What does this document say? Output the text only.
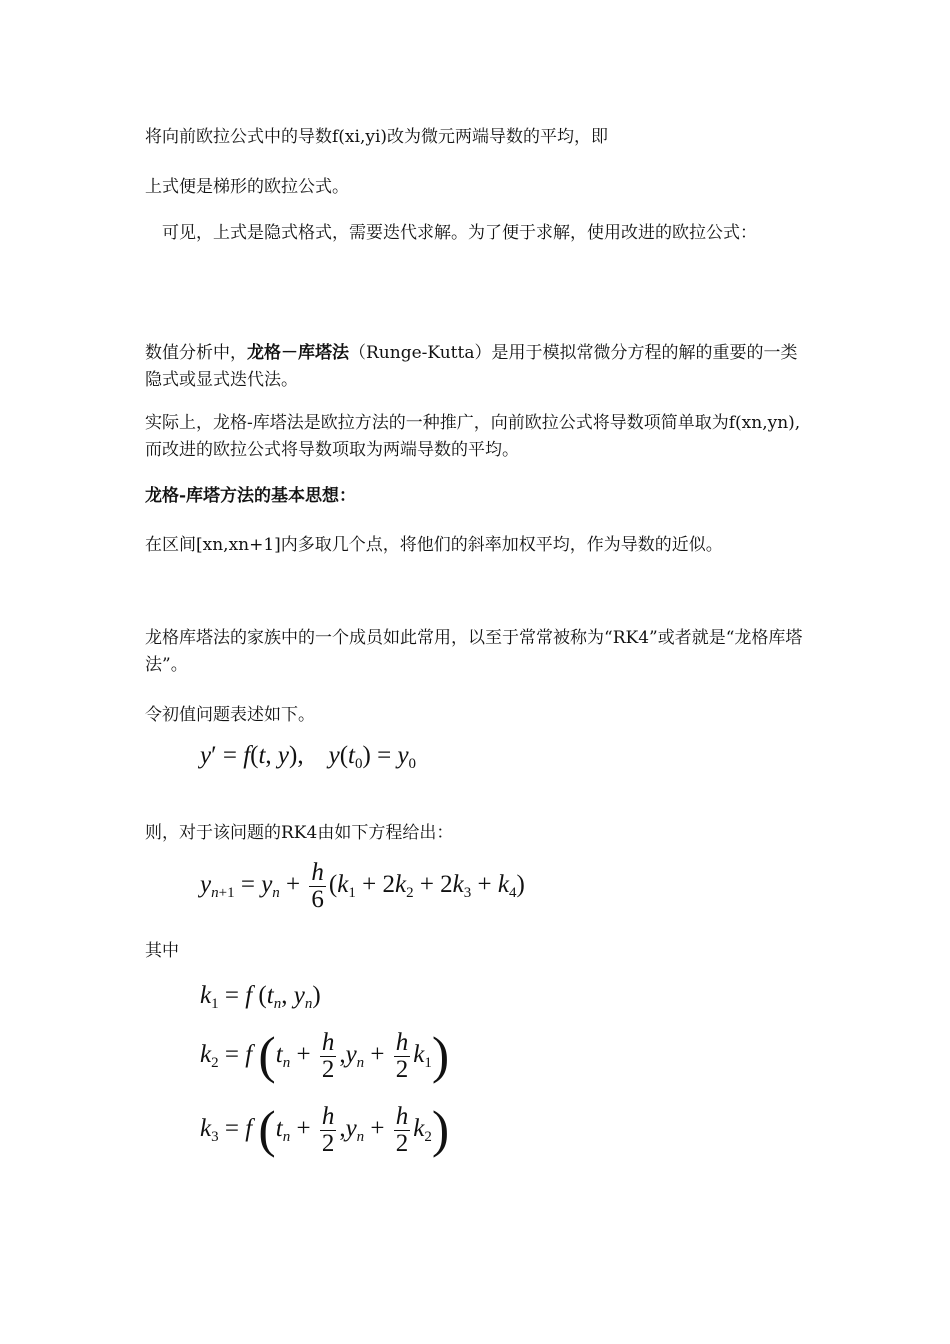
将向前欧拉公式中的导数f(xi,yi)改为微元两端导数的平均，即
上式便是梯形的欧拉公式。
　可见，上式是隐式格式，需要迭代求解。为了便于求解，使用改进的欧拉公式：
数值分析中，龙格－库塔法（Runge-Kutta）是用于模拟常微分方程的解的重要的一类隐式或显式迭代法。
实际上，龙格-库塔法是欧拉方法的一种推广，向前欧拉公式将导数项简单取为f(xn,yn),而改进的欧拉公式将导数项取为两端导数的平均。
龙格-库塔方法的基本思想：
在区间[xn,xn+1]内多取几个点，将他们的斜率加权平均，作为导数的近似。
龙格库塔法的家族中的一个成员如此常用，以至于常常被称为“RK4”或者就是“龙格库塔法”。
令初值问题表述如下。
y′ = f(t, y),    $y(t_0) = y_0$
则，对于该问题的RK4由如下方程给出：
$y_{n+1} = y_n + \frac{h}{6} (k_1 + 2k_2 + 2k_3 + k_4)$
其中
$k_1 = f$ ($t_n$, $y_n$)
$k_2 = f$ $(t_n + \frac{h}{2} ,y_n + \frac{h}{2} k_1)$
$k_3 = f$ $(t_n + \frac{h}{2} ,y_n + \frac{h}{2} k_2)$
